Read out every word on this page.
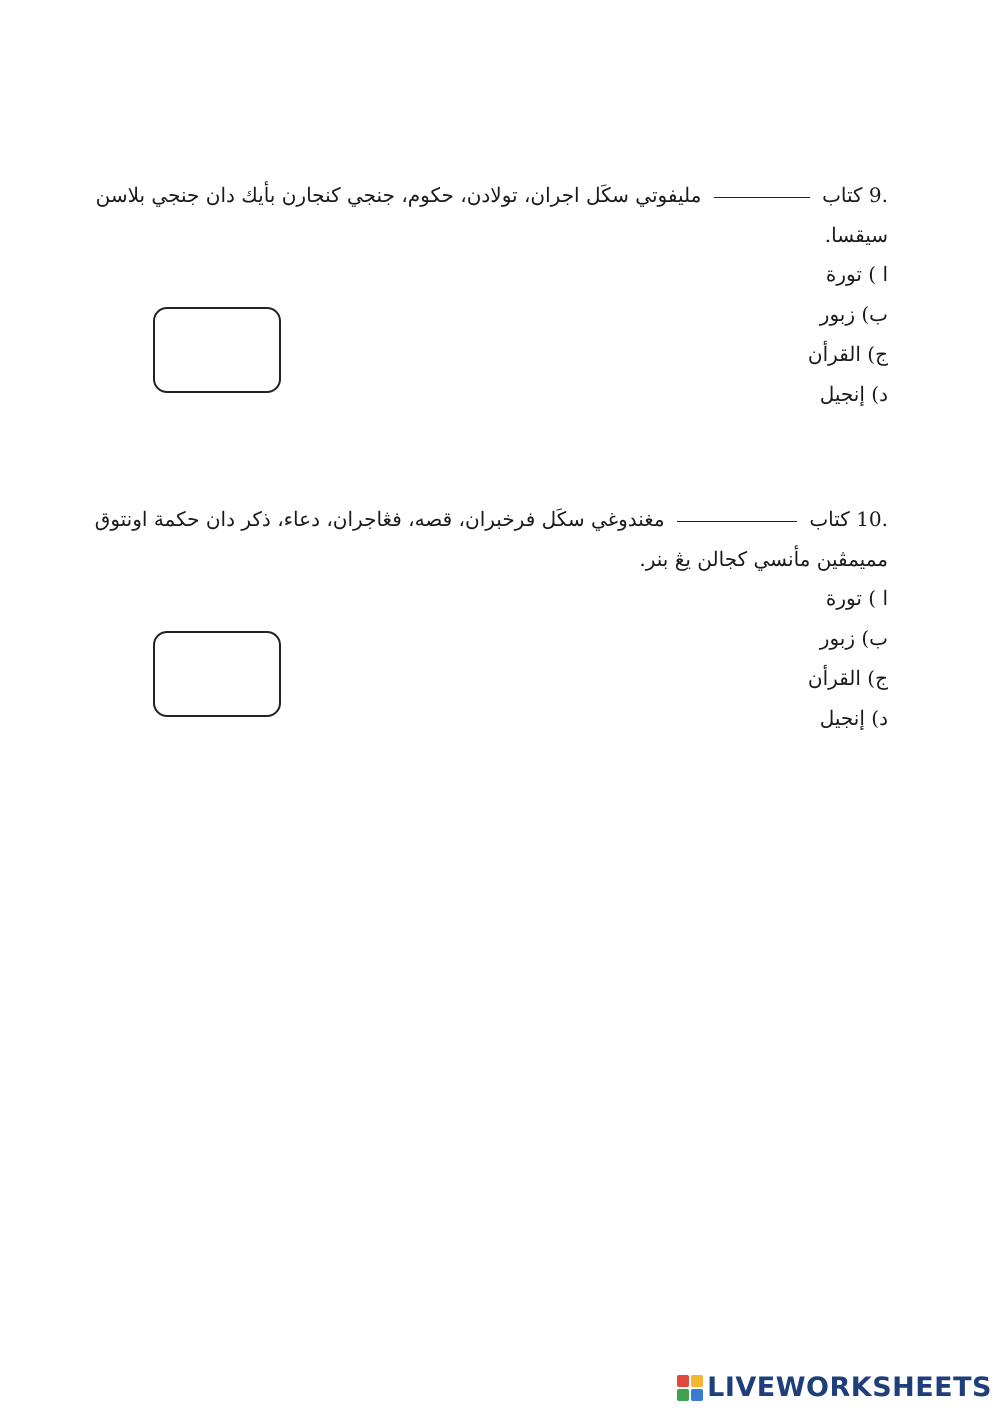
9. كتاب  مليفوتي سكَل اجران، تولادن، حكوم، جنجي كنجارن بأيك دان جنجي بلاسن
سيقسا.
ا ) تورة
ب) زبور
ج) القرأن
د) إنجيل
10. كتاب  مغندوغي سكَل فرخبران، قصه، فڠاجران، دعاء، ذكر دان حكمة اونتوق
مميمڤين مأنسي كجالن يڠ بنر.
ا ) تورة
ب) زبور
ج) القرأن
د) إنجيل
LIVEWORKSHEETS
